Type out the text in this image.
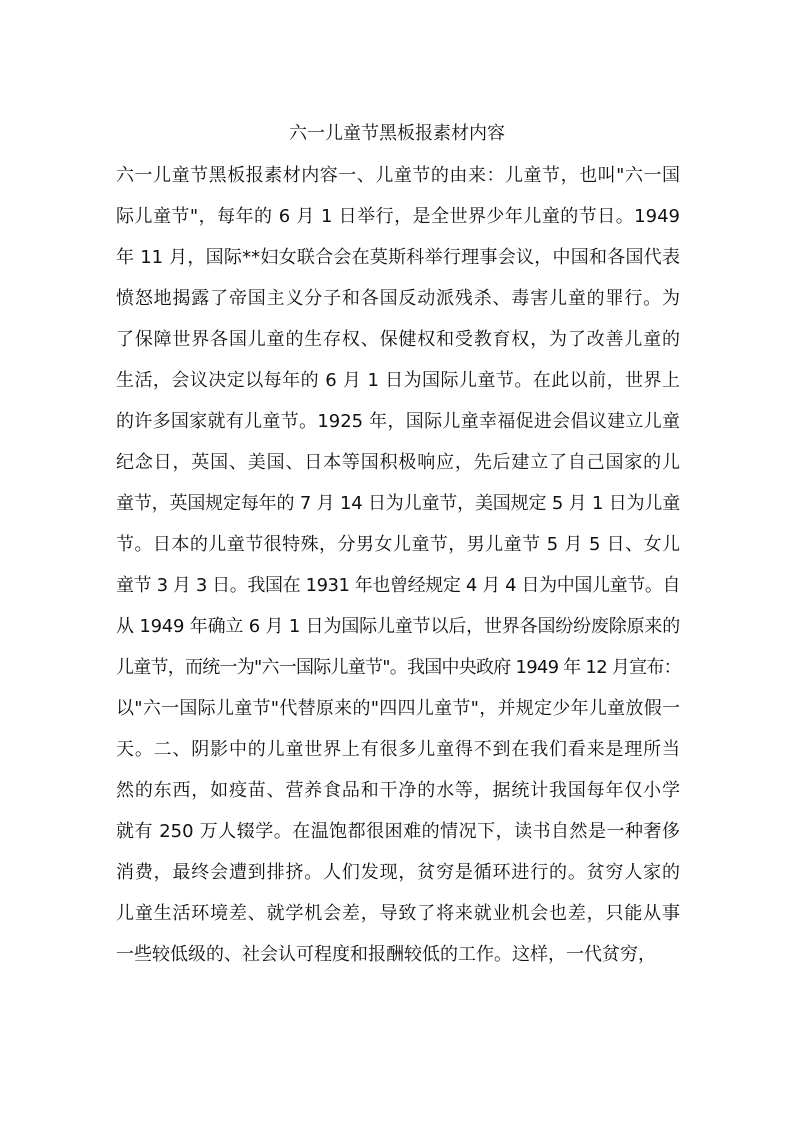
六一儿童节黑板报素材内容

六一儿童节黑板报素材内容一、儿童节的由来：儿童节，也叫"六一国

际儿童节"，每年的 6 月 1 日举行，是全世界少年儿童的节日。1949

年 11 月，国际**妇女联合会在莫斯科举行理事会议，中国和各国代表

愤怒地揭露了帝国主义分子和各国反动派残杀、毒害儿童的罪行。为

了保障世界各国儿童的生存权、保健权和受教育权，为了改善儿童的

生活，会议决定以每年的 6 月 1 日为国际儿童节。在此以前，世界上

的许多国家就有儿童节。1925 年，国际儿童幸福促进会倡议建立儿童

纪念日，英国、美国、日本等国积极响应，先后建立了自己国家的儿

童节，英国规定每年的 7 月 14 日为儿童节，美国规定 5 月 1 日为儿童

节。日本的儿童节很特殊，分男女儿童节，男儿童节 5 月 5 日、女儿

童节 3 月 3 日。我国在 1931 年也曾经规定 4 月 4 日为中国儿童节。自

从 1949 年确立 6 月 1 日为国际儿童节以后，世界各国纷纷废除原来的

儿童节，而统一为"六一国际儿童节"。我国中央政府 1949 年 12 月宣布：

以"六一国际儿童节"代替原来的"四四儿童节"，并规定少年儿童放假一

天。二、阴影中的儿童世界上有很多儿童得不到在我们看来是理所当

然的东西，如疫苗、营养食品和干净的水等，据统计我国每年仅小学

就有 250 万人辍学。在温饱都很困难的情况下，读书自然是一种奢侈

消费，最终会遭到排挤。人们发现，贫穷是循环进行的。贫穷人家的

儿童生活环境差、就学机会差，导致了将来就业机会也差，只能从事

一些较低级的、社会认可程度和报酬较低的工作。这样，一代贫穷，
